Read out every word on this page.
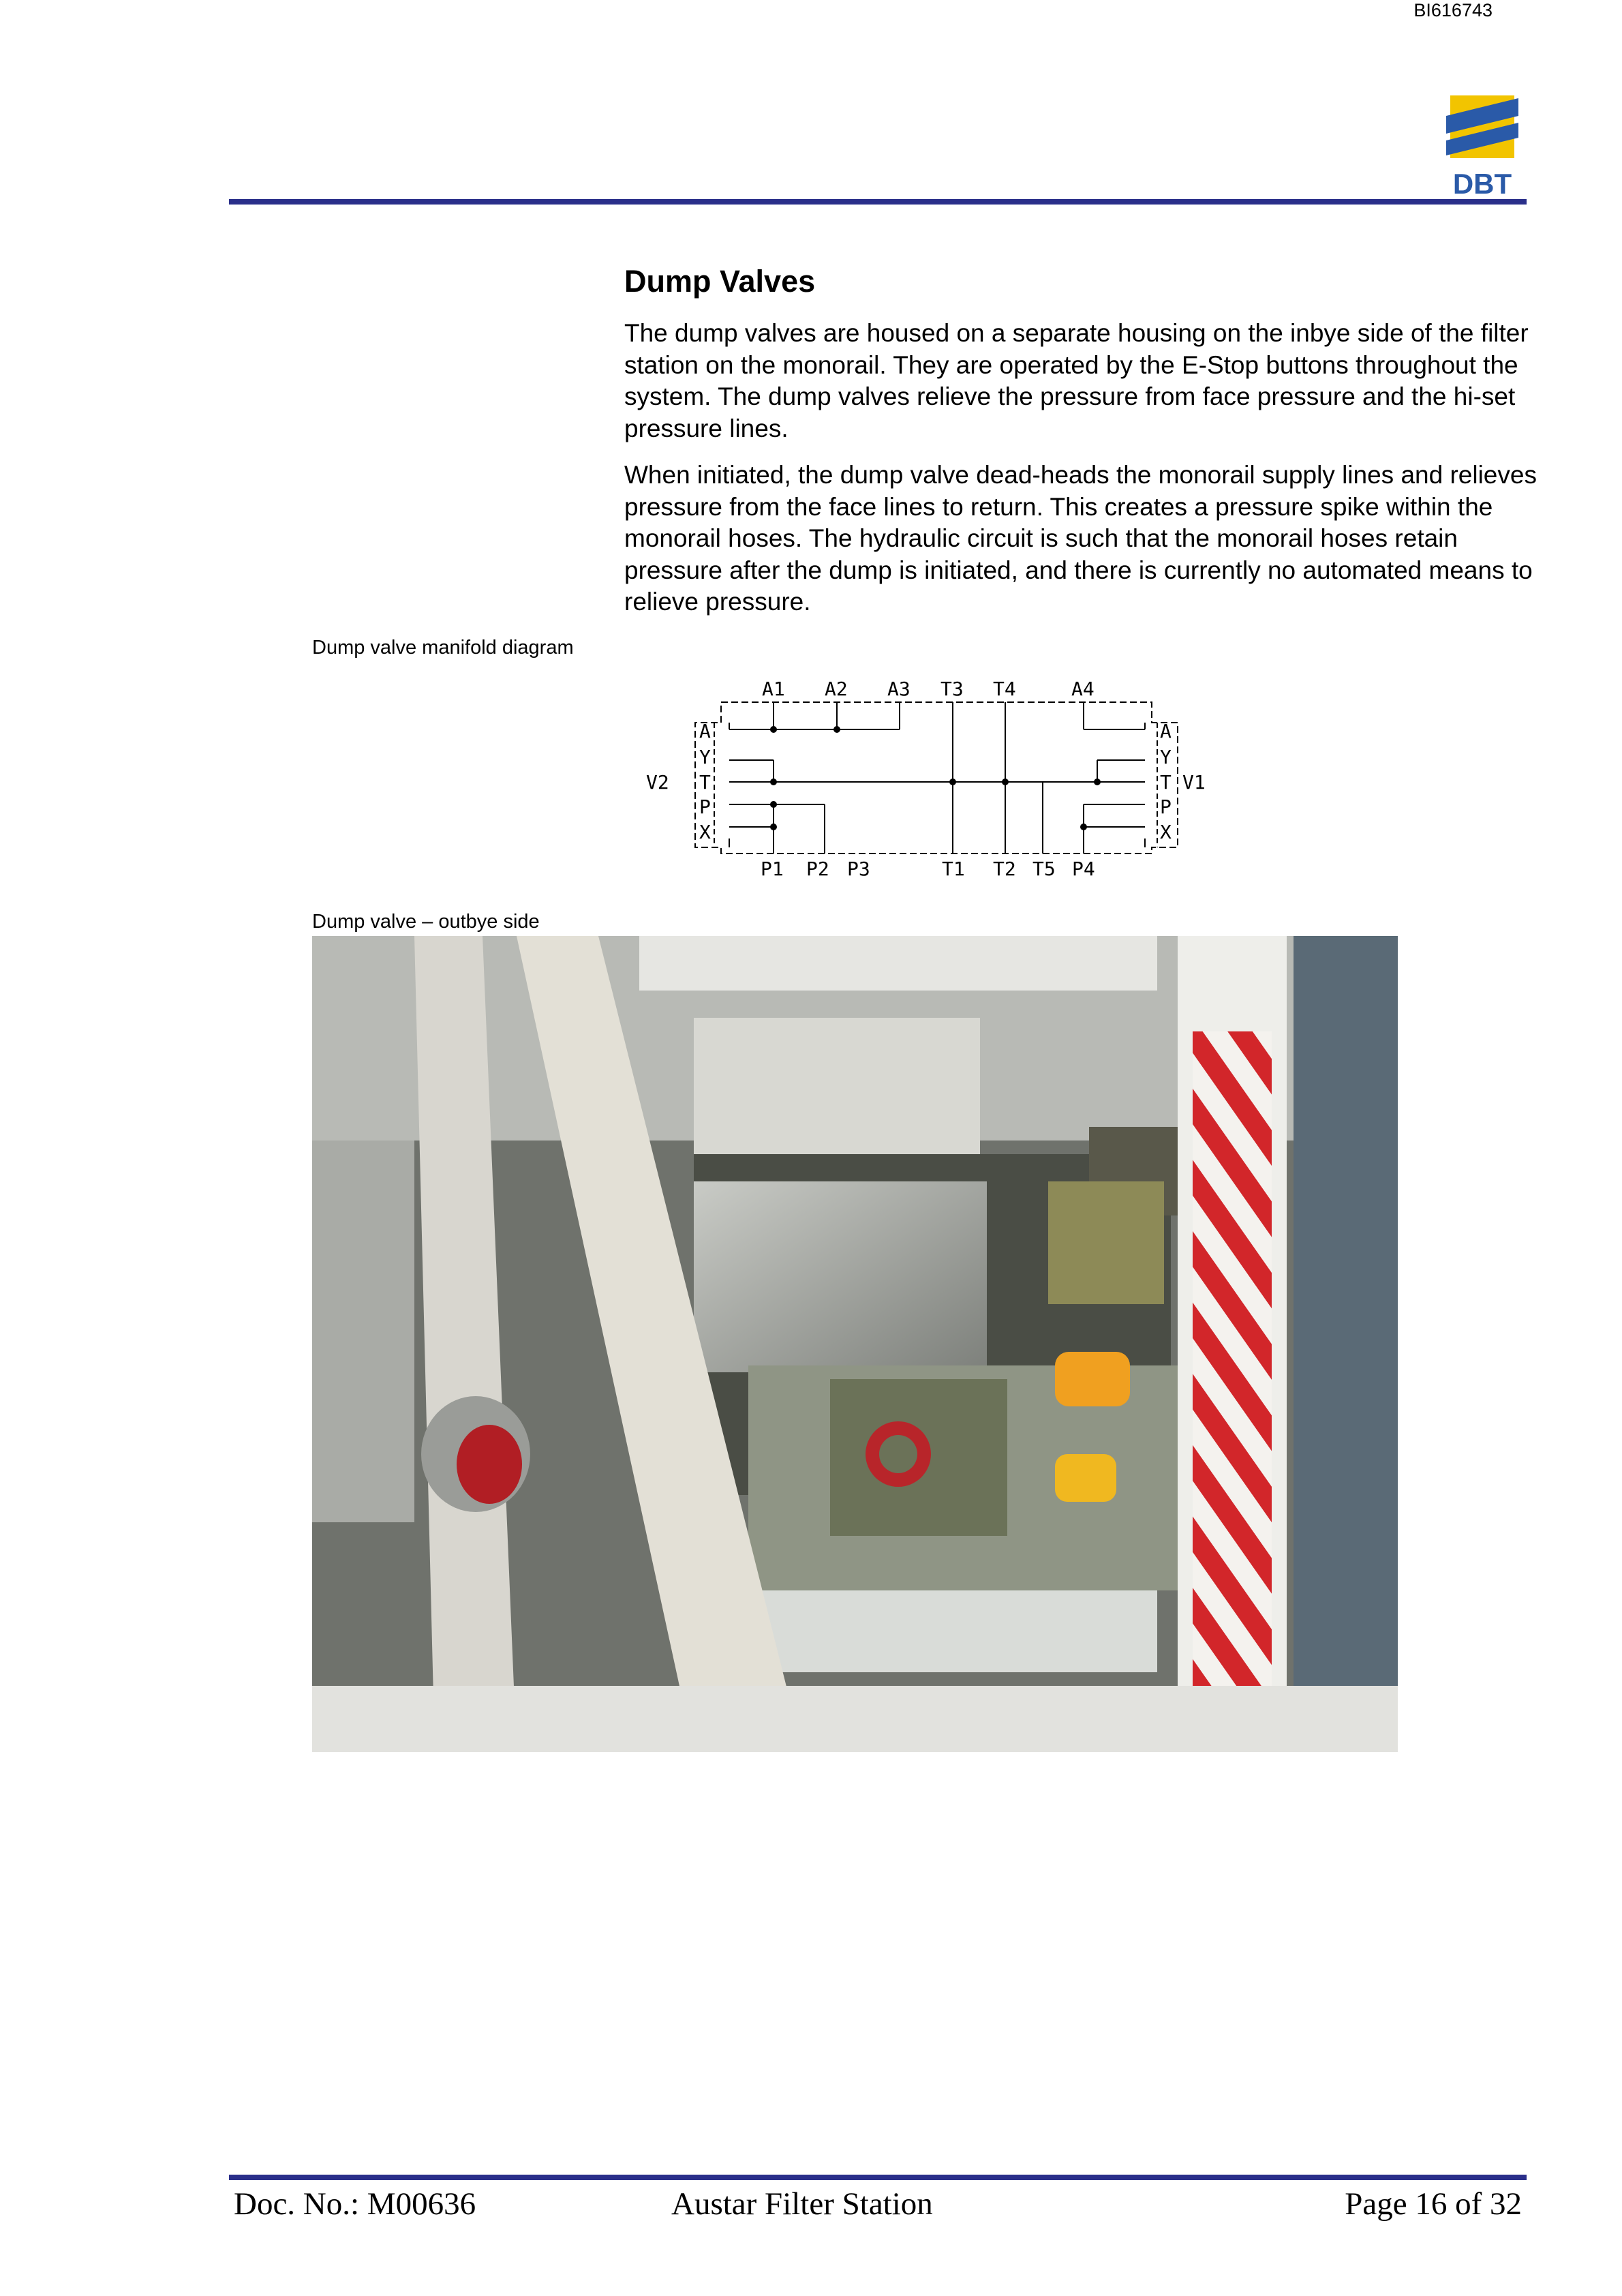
BI616743
DBT
Dump Valves

The dump valves are housed on a separate housing on the inbye side of the filter station on the monorail. They are operated by the E-Stop buttons throughout the system. The dump valves relieve the pressure from face pressure and the hi-set pressure lines.

When initiated, the dump valve dead-heads the monorail supply lines and relieves pressure from the face lines to return. This creates a pressure spike within the monorail hoses. The hydraulic circuit is such that the monorail hoses retain pressure after the dump is initiated, and there is currently no automated means to relieve pressure.

Dump valve manifold diagram
A1 A2 A3 T3 T4	A4
P1 P2 P3	T1 T2 T5 P4
V2	V1
A
Y
T
P
X
A
Y
T
P
X
Dump valve – outbye side
Doc. No.: M00636	Austar Filter Station	Page 16 of 32
